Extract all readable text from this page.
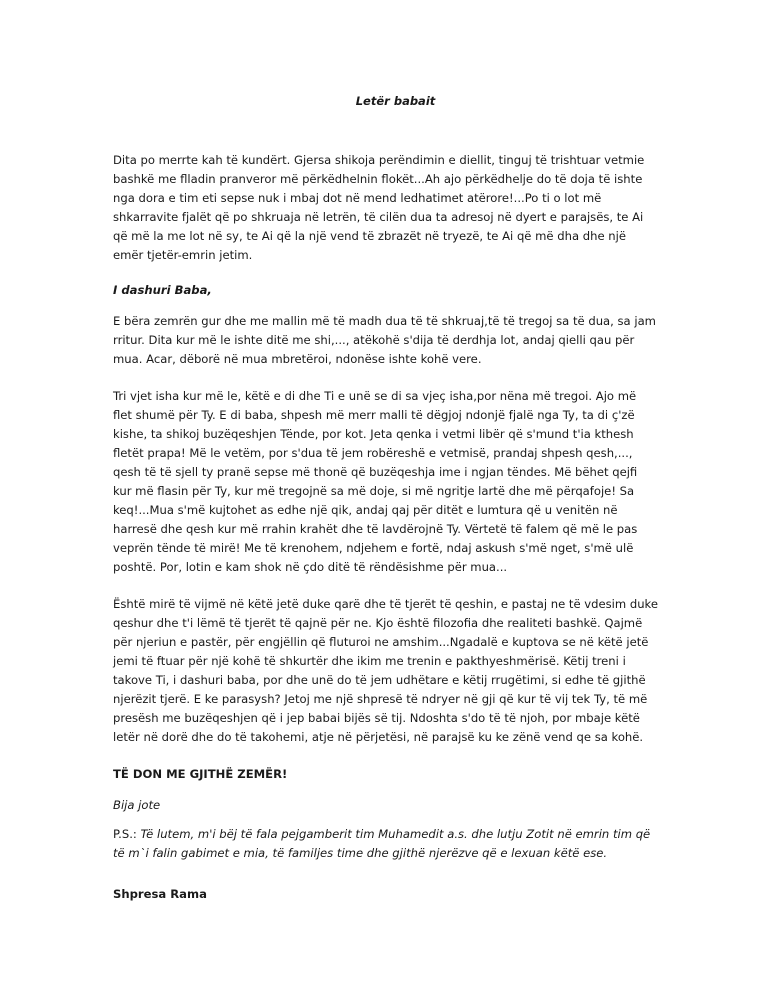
Letër babait

Dita po merrte kah të kundërt. Gjersa shikoja perëndimin e diellit, tinguj të trishtuar vetmie bashkë me flladin pranveror më përkëdhelnin flokët...Ah ajo përkëdhelje do të doja të ishte nga dora e tim eti sepse nuk i mbaj dot në mend ledhatimet atërore!...Po ti o lot më shkarravite fjalët që po shkruaja në letrën, të cilën dua ta adresoj në dyert e parajsës, te Ai që më la me lot në sy, te Ai që la një vend të zbrazët në tryezë, te Ai që më dha dhe një emër tjetër-emrin jetim.

I dashuri Baba,

E bëra zemrën gur dhe me mallin më të madh dua të të shkruaj,të të tregoj sa të dua, sa jam rritur. Dita kur më le ishte ditë me shi,..., atëkohë s'dija të derdhja lot, andaj qielli qau për mua. Acar, dëborë në mua mbretëroi, ndonëse ishte kohë vere.

Tri vjet isha kur më le, këtë e di dhe Ti e unë se di sa vjeç isha,por nëna më tregoi. Ajo më flet shumë për Ty. E di baba, shpesh më merr malli të dëgjoj ndonjë fjalë nga Ty, ta di ç'zë kishe, ta shikoj buzëqeshjen Tënde, por kot. Jeta qenka i vetmi libër që s'mund t'ia kthesh fletët prapa! Më le vetëm, por s'dua të jem robëreshë e vetmisë, prandaj shpesh qesh,..., qesh të të sjell ty pranë sepse më thonë që buzëqeshja ime i ngjan tëndes. Më bëhet qejfi kur më flasin për Ty, kur më tregojnë sa më doje, si më ngritje lartë dhe më përqafoje! Sa keq!...Mua s'më kujtohet as edhe një qik, andaj qaj për ditët e lumtura që u venitën në harresë dhe qesh kur më rrahin krahët dhe të lavdërojnë Ty. Vërtetë të falem që më le pas veprën tënde të mirë! Me të krenohem, ndjehem e fortë, ndaj askush s'më nget, s'më ulë poshtë. Por, lotin e kam shok në çdo ditë të rëndësishme për mua...

Është mirë të vijmë në këtë jetë duke qarë dhe të tjerët të qeshin, e pastaj ne të vdesim duke qeshur dhe t'i lëmë të tjerët të qajnë për ne. Kjo është filozofia dhe realiteti bashkë. Qajmë për njeriun e pastër, për engjëllin që fluturoi ne amshim...Ngadalë e kuptova se në këtë jetë jemi të ftuar për një kohë të shkurtër dhe ikim me trenin e pakthyeshmërisë. Këtij treni i takove Ti, i dashuri baba, por dhe unë do të jem udhëtare e këtij rrugëtimi, si edhe të gjithë njerëzit tjerë. E ke parasysh? Jetoj me një shpresë të ndryer në gji që kur të vij tek Ty, të më presësh me buzëqeshjen që i jep babai bijës së tij. Ndoshta s'do të të njoh, por mbaje këtë letër në dorë dhe do të takohemi, atje në përjetësi, në parajsë ku ke zënë vend qe sa kohë.

TË DON ME GJITHË ZEMËR!

Bija jote

P.S.: Të lutem, m'i bëj të fala pejgamberit tim Muhamedit a.s. dhe lutju Zotit në emrin tim që të m`i falin gabimet e mia, të familjes time dhe gjithë njerëzve që e lexuan këtë ese.

Shpresa Rama
